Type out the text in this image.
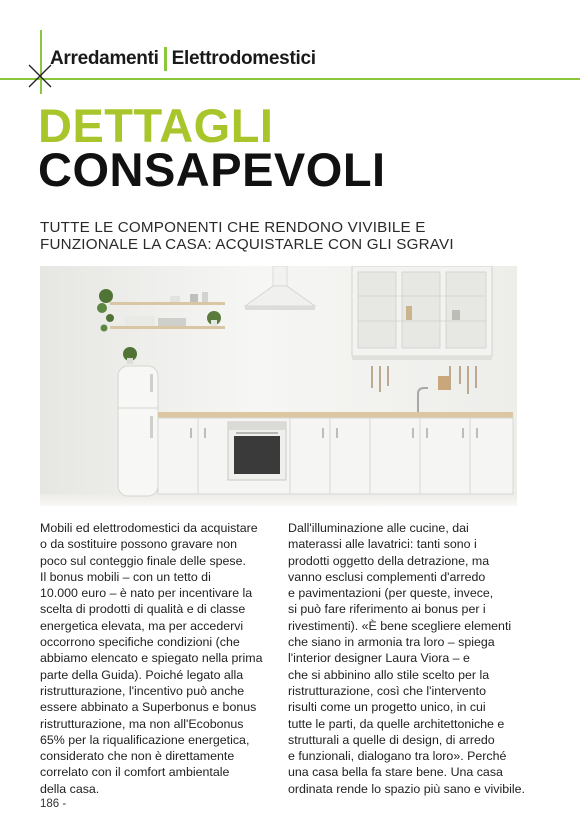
Arredamenti Elettrodomestici
DETTAGLI
CONSAPEVOLI
TUTTE LE COMPONENTI CHE RENDONO VIVIBILE E
FUNZIONALE LA CASA: ACQUISTARLE CON GLI SGRAVI
Mobili ed elettrodomestici da acquistare
o da sostituire possono gravare non
poco sul conteggio finale delle spese.
Il bonus mobili – con un tetto di
10.000 euro – è nato per incentivare la
scelta di prodotti di qualità e di classe
energetica elevata, ma per accedervi
occorrono specifiche condizioni (che
abbiamo elencato e spiegato nella prima
parte della Guida). Poiché legato alla
ristrutturazione, l'incentivo può anche
essere abbinato a Superbonus e bonus
ristrutturazione, ma non all'Ecobonus
65% per la riqualificazione energetica,
considerato che non è direttamente
correlato con il comfort ambientale
della casa.
Dall'illuminazione alle cucine, dai
materassi alle lavatrici: tanti sono i
prodotti oggetto della detrazione, ma
vanno esclusi complementi d'arredo
e pavimentazioni (per queste, invece,
si può fare riferimento ai bonus per i
rivestimenti). «È bene scegliere elementi
che siano in armonia tra loro – spiega
l'interior designer Laura Viora – e
che si abbinino allo stile scelto per la
ristrutturazione, così che l'intervento
risulti come un progetto unico, in cui
tutte le parti, da quelle architettoniche e
strutturali a quelle di design, di arredo
e funzionali, dialogano tra loro». Perché
una casa bella fa stare bene. Una casa
ordinata rende lo spazio più sano e vivibile.
186 -
